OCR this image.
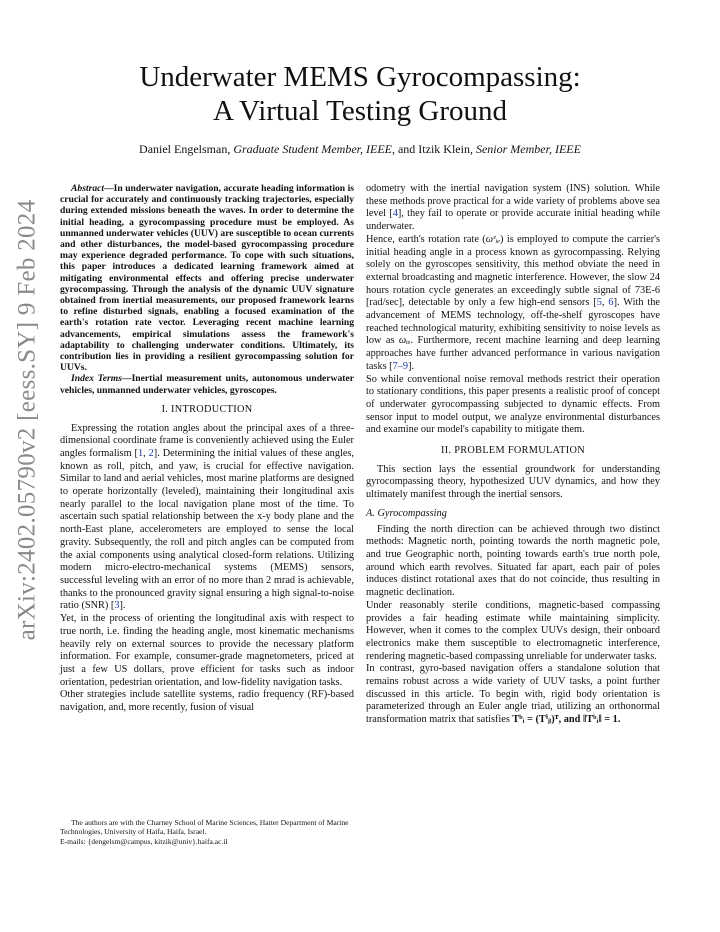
arXiv:2402.05790v2 [eess.SY] 9 Feb 2024
Underwater MEMS Gyrocompassing:
A Virtual Testing Ground
Daniel Engelsman, Graduate Student Member, IEEE, and Itzik Klein, Senior Member, IEEE

Abstract—In underwater navigation, accurate heading information is crucial for accurately and continuously tracking trajectories, especially during extended missions beneath the waves. In order to determine the initial heading, a gyrocompassing procedure must be employed. As unmanned underwater vehicles (UUV) are susceptible to ocean currents and other disturbances, the model-based gyrocompassing procedure may experience degraded performance. To cope with such situations, this paper introduces a dedicated learning framework aimed at mitigating environmental effects and offering precise underwater gyrocompassing. Through the analysis of the dynamic UUV signature obtained from inertial measurements, our proposed framework learns to refine disturbed signals, enabling a focused examination of the earth's rotation rate vector. Leveraging recent machine learning advancements, empirical simulations assess the framework's adaptability to challenging underwater conditions. Ultimately, its contribution lies in providing a resilient gyrocompassing solution for UUVs.

Index Terms—Inertial measurement units, autonomous underwater vehicles, unmanned underwater vehicles, gyroscopes.

I. INTRODUCTION

Expressing the rotation angles about the principal axes of a three-dimensional coordinate frame is conveniently achieved using the Euler angles formalism [1, 2]. Determining the initial values of these angles, known as roll, pitch, and yaw, is crucial for effective navigation. Similar to land and aerial vehicles, most marine platforms are designed to operate horizontally (leveled), maintaining their longitudinal axis nearly parallel to the local navigation plane most of the time. To ascertain such spatial relationship between the x-y body plane and the north-East plane, accelerometers are employed to sense the local gravity. Subsequently, the roll and pitch angles can be computed from the axial components using analytical closed-form relations. Utilizing modern micro-electro-mechanical systems (MEMS) sensors, successful leveling with an error of no more than 2 mrad is achievable, thanks to the pronounced gravity signal ensuring a high signal-to-noise ratio (SNR) [3].

Yet, in the process of orienting the longitudinal axis with respect to true north, i.e. finding the heading angle, most kinematic mechanisms heavily rely on external sources to provide the necessary platform information. For example, consumer-grade magnetometers, priced at just a few US dollars, prove efficient for tasks such as indoor orientation, pedestrian orientation, and low-fidelity navigation tasks.

Other strategies include satellite systems, radio frequency (RF)-based navigation, and, more recently, fusion of visual

The authors are with the Charney School of Marine Sciences, Hatter Department of Marine Technologies, University of Haifa, Haifa, Israel.

E-mails: {dengelsm@campus, kitzik@univ}.haifa.ac.il

odometry with the inertial navigation system (INS) solution. While these methods prove practical for a wide variety of problems above sea level [4], they fail to operate or provide accurate initial heading while underwater.

Hence, earth's rotation rate (ωᵉᵢₑ) is employed to compute the carrier's initial heading angle in a process known as gyrocompassing. Relying solely on the gyroscopes sensitivity, this method obviate the need in external broadcasting and magnetic interference. However, the slow 24 hours rotation cycle generates an exceedingly subtle signal of 73E-6 [rad/sec], detectable by only a few high-end sensors [5, 6]. With the advancement of MEMS technology, off-the-shelf gyroscopes have reached technological maturity, exhibiting sensitivity to noise levels as low as ωᵢₑ. Furthermore, recent machine learning and deep learning approaches have further advanced performance in various navigation tasks [7–9].

So while conventional noise removal methods restrict their operation to stationary conditions, this paper presents a realistic proof of concept of underwater gyrocompassing subjected to dynamic effects. From sensor input to model output, we analyze environmental disturbances and examine our model's capability to mitigate them.

II. PROBLEM FORMULATION

This section lays the essential groundwork for understanding gyrocompassing theory, hypothesized UUV dynamics, and how they ultimately manifest through the inertial sensors.

A. Gyrocompassing

Finding the north direction can be achieved through two distinct methods: Magnetic north, pointing towards the north magnetic pole, and true Geographic north, pointing towards earth's true north pole, around which earth revolves. Situated far apart, each pair of poles induces distinct rotational axes that do not coincide, thus resulting in magnetic declination.

Under reasonably sterile conditions, magnetic-based compassing provides a fair heading estimate while maintaining simplicity. However, when it comes to the complex UUVs design, their onboard electronics make them susceptible to electromagnetic interference, rendering magnetic-based compassing unreliable for underwater tasks.

In contrast, gyro-based navigation offers a standalone solution that remains robust across a wide variety of UUV tasks, a point further discussed in this article. To begin with, rigid body orientation is parameterized through an Euler angle triad, utilizing an orthonormal transformation matrix that satisfies Tᵇᵢ = (Tⁱᵦ)ᵀ, and ‖Tᵇᵢ‖ = 1.
